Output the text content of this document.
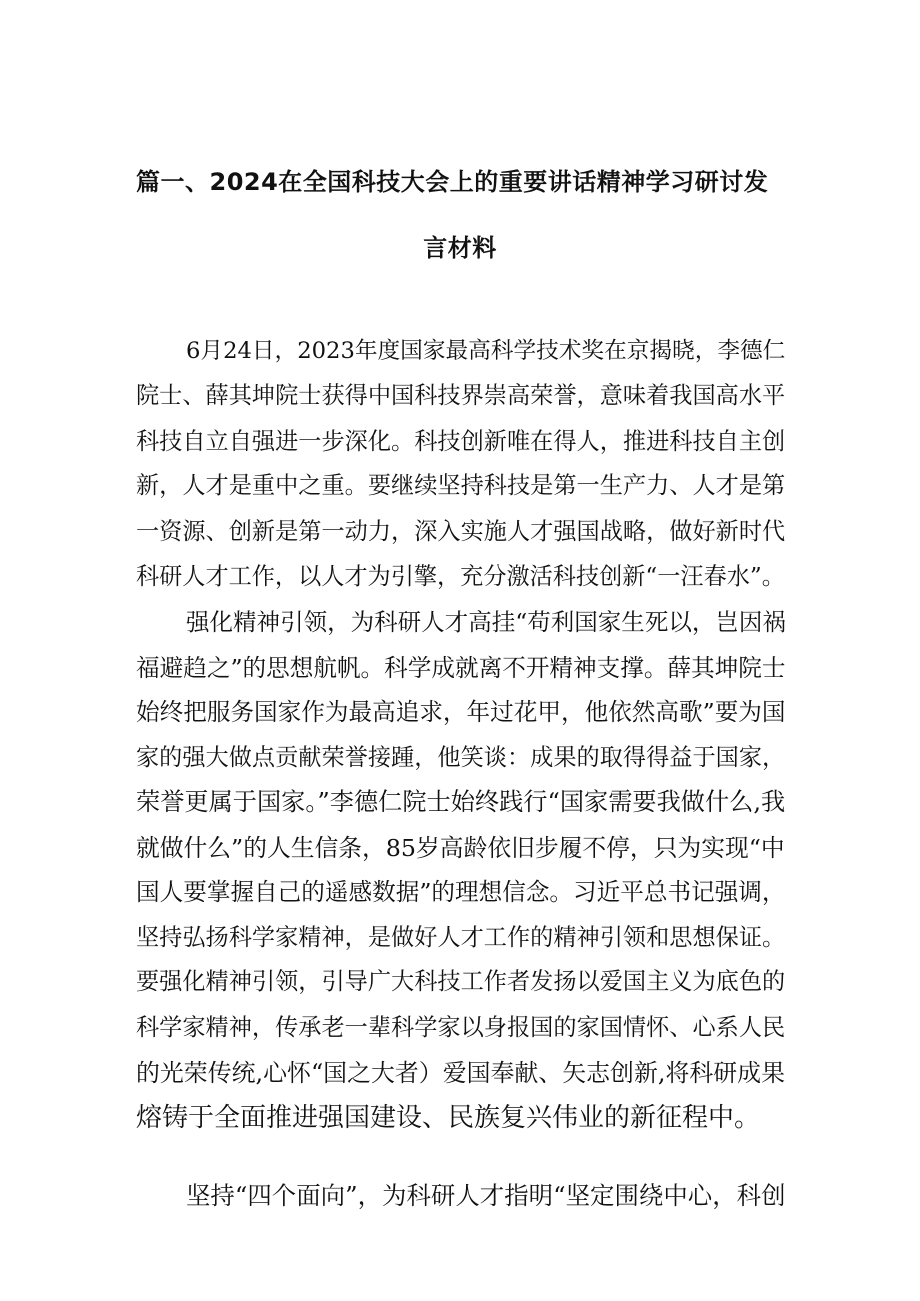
篇一、2024在全国科技大会上的重要讲话精神学习研讨发
言材料
6月24日，2023年度国家最高科学技术奖在京揭晓，李德仁
院士、薛其坤院士获得中国科技界崇高荣誉，意味着我国高水平
科技自立自强进一步深化。科技创新唯在得人，推进科技自主创
新，人才是重中之重。要继续坚持科技是第一生产力、人才是第
一资源、创新是第一动力，深入实施人才强国战略，做好新时代
科研人才工作，以人才为引擎，充分激活科技创新“一汪春水”。
强化精神引领，为科研人才高挂“苟利国家生死以，岂因祸
福避趋之”的思想航帆。科学成就离不开精神支撑。薛其坤院士
始终把服务国家作为最高追求，年过花甲，他依然高歌”要为国
家的强大做点贡献荣誉接踵，他笑谈：成果的取得得益于国家，
荣誉更属于国家。”李德仁院士始终践行“国家需要我做什么,我
就做什么”的人生信条，85岁高龄依旧步履不停，只为实现“中
国人要掌握自己的遥感数据”的理想信念。习近平总书记强调，
坚持弘扬科学家精神，是做好人才工作的精神引领和思想保证。
要强化精神引领，引导广大科技工作者发扬以爱国主义为底色的
科学家精神，传承老一辈科学家以身报国的家国情怀、心系人民
的光荣传统,心怀“国之大者）爱国奉献、矢志创新,将科研成果
熔铸于全面推进强国建设、民族复兴伟业的新征程中。
坚持“四个面向”，为科研人才指明“坚定围绕中心，科创
